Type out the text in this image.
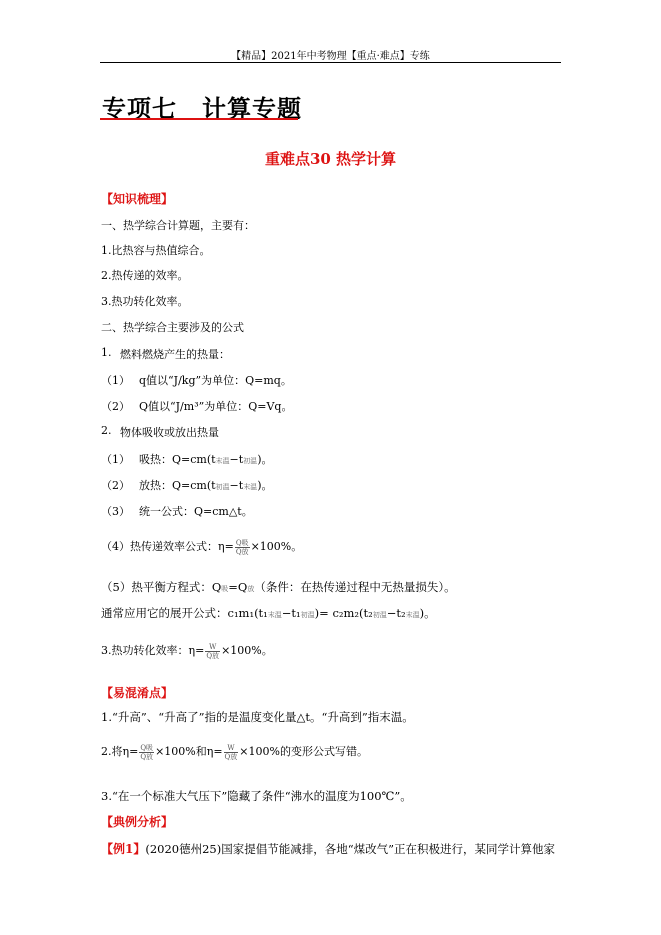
【精品】2021年中考物理【重点·难点】专练
专项七　计算专题
重难点30 热学计算
【知识梳理】
一、热学综合计算题，主要有：
1.比热容与热值综合。
2.热传递的效率。
3.热功转化效率。
二、热学综合主要涉及的公式
1. 燃料燃烧产生的热量：
（1） q值以“J/kg”为单位：Q=mq。
（2） Q值以“J/m³”为单位：Q=Vq。
2. 物体吸收或放出热量
（1） 吸热：Q=cm(t末温−t初温)。
（2） 放热：Q=cm(t初温−t末温)。
（3） 统一公式：Q=cm△t。
（4）热传递效率公式：$\eta= \frac{\text{Q吸}}{\text{Q放}} \times 100\%$。
（5）热平衡方程式：Q吸=Q放（条件：在热传递过程中无热量损失）。
通常应用它的展开公式：c₁m₁(t₁末温−t₁初温)= c₂m₂(t₂初温−t₂末温)。
3.热功转化效率：$\eta= \frac{W}{\text{Q放}} \times 100\%$。
【易混淆点】
1.“升高”、“升高了”指的是温度变化量△t。“升高到”指末温。
2.将$\eta= \frac{\text{Q吸}}{\text{Q放}} \times 100\%$和$\eta= \frac{W}{\text{Q放}} \times 100\%$的变形公式写错。
3.“在一个标准大气压下”隐藏了条件“沸水的温度为100℃”。
【典例分析】
【例1】(2020德州25)国家提倡节能减排，各地“煤改气”正在积极进行，某同学计算他家
